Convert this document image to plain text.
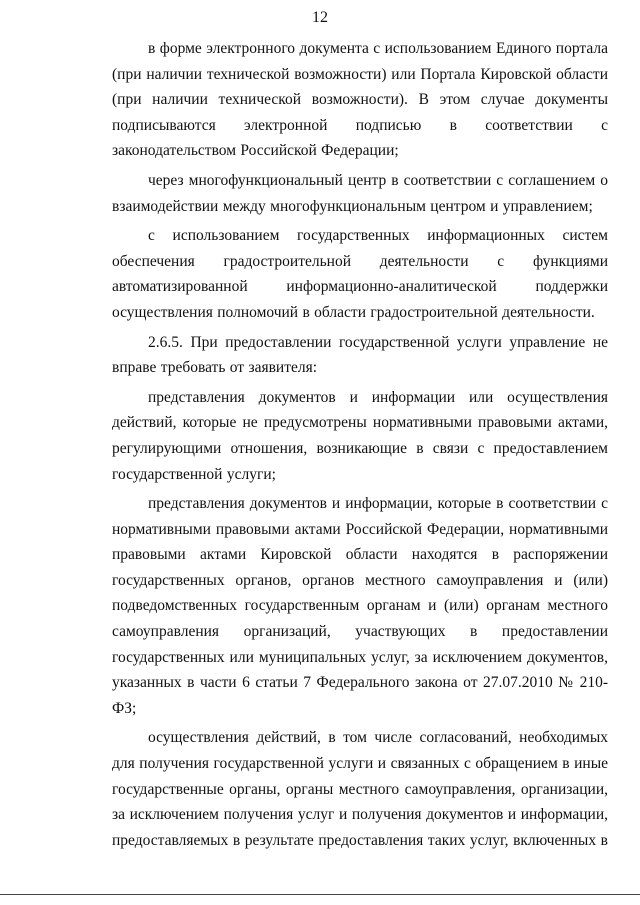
12

в форме электронного документа с использованием Единого портала (при наличии технической возможности) или Портала Кировской области (при наличии технической возможности). В этом случае документы подписываются электронной подписью в соответствии с законодательством Российской Федерации;

через многофункциональный центр в соответствии с соглашением о взаимодействии между многофункциональным центром и управлением;

с использованием государственных информационных систем обеспечения градостроительной деятельности с функциями автоматизированной информационно-аналитической поддержки осуществления полномочий в области градостроительной деятельности.

2.6.5. При предоставлении государственной услуги управление не вправе требовать от заявителя:

представления документов и информации или осуществления действий, которые не предусмотрены нормативными правовыми актами, регулирующими отношения, возникающие в связи с предоставлением государственной услуги;

представления документов и информации, которые в соответствии с нормативными правовыми актами Российской Федерации, нормативными правовыми актами Кировской области находятся в распоряжении государственных органов, органов местного самоуправления и (или) подведомственных государственным органам и (или) органам местного самоуправления организаций, участвующих в предоставлении государственных или муниципальных услуг, за исключением документов, указанных в части 6 статьи 7 Федерального закона от 27.07.2010 № 210-ФЗ;

осуществления действий, в том числе согласований, необходимых для получения государственной услуги и связанных с обращением в иные государственные органы, органы местного самоуправления, организации, за исключением получения услуг и получения документов и информации, предоставляемых в результате предоставления таких услуг, включенных в
